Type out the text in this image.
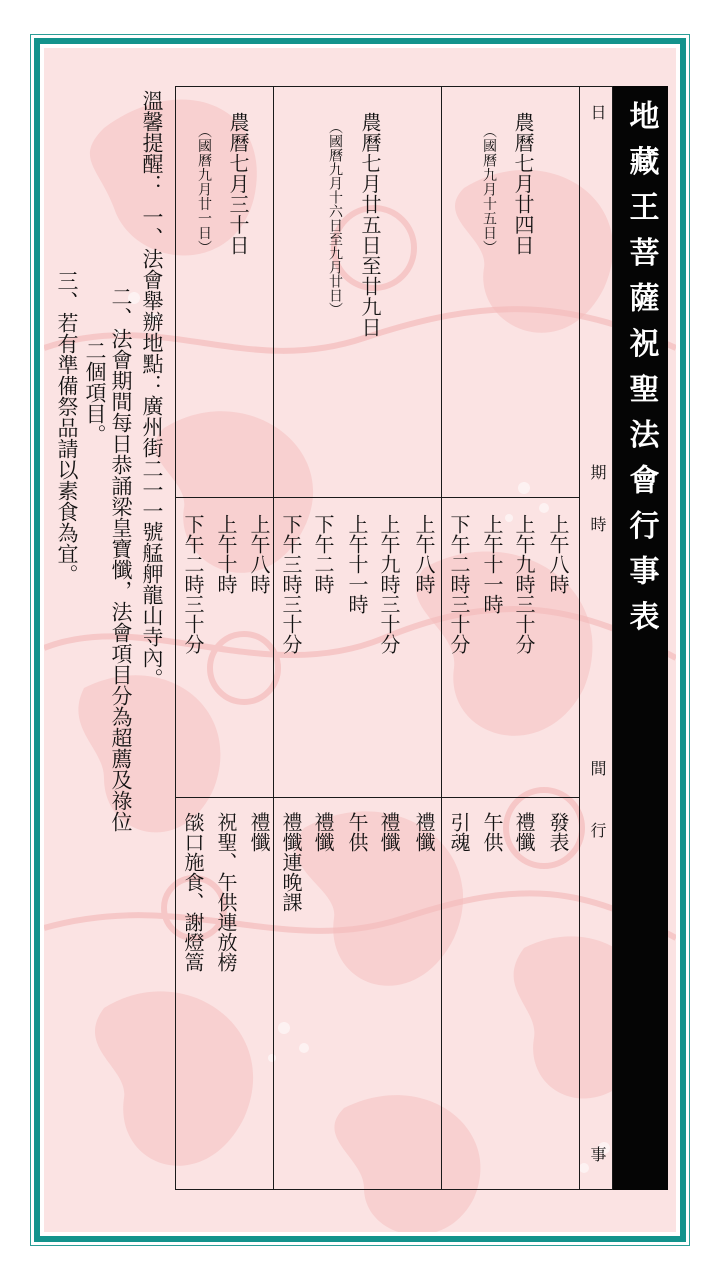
地藏王菩薩祝聖法會行事表
日
期
時
間
行
事
農曆七月廿四日
（國曆九月十五日）
上午八時
上午九時三十分
上午十一時
下午二時三十分
發表
禮懺
午供
引魂
農曆七月廿五日至廿九日
（國曆九月十六日至九月廿日）
上午八時
上午九時三十分
上午十一時
下午二時
下午三時三十分
禮懺
禮懺
午供
禮懺
禮懺連晚課
農曆七月三十日
（國曆九月廿一日）
上午八時
上午十時
下午二時三十分
禮懺
祝聖、午供連放榜
燄口施食、謝燈篙
溫馨提醒：
一、法會舉辦地點：廣州街二一一號艋舺龍山寺內。
二、法會期間每日恭誦梁皇寶懺，法會項目分為超薦及祿位
二個項目。
三、若有準備祭品請以素食為宜。
